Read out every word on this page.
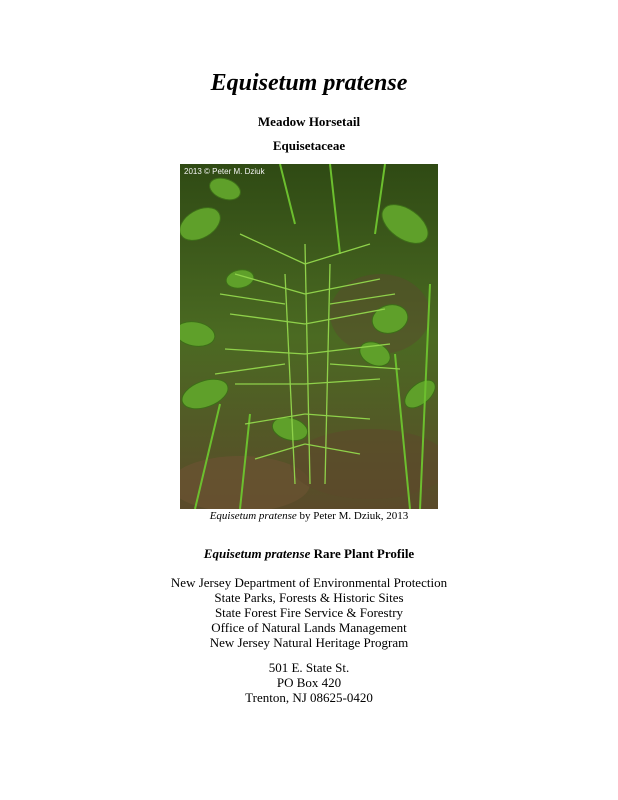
Equisetum pratense
Meadow Horsetail
Equisetaceae
2013 © Peter M. Dziuk
Equisetum pratense by Peter M. Dziuk, 2013
Equisetum pratense Rare Plant Profile
New Jersey Department of Environmental Protection
State Parks, Forests & Historic Sites
State Forest Fire Service & Forestry
Office of Natural Lands Management
New Jersey Natural Heritage Program
501 E. State St.
PO Box 420
Trenton, NJ 08625-0420
